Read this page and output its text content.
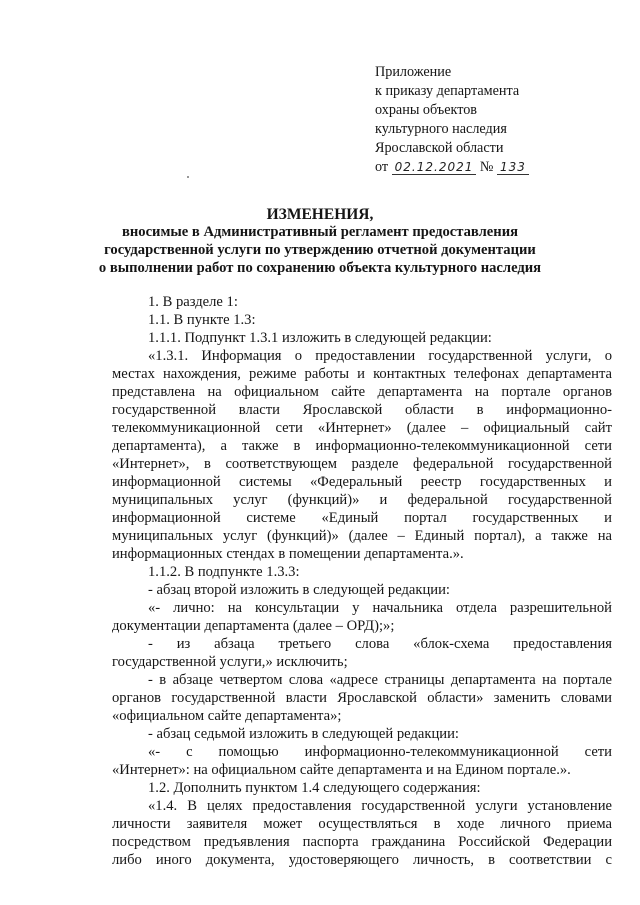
Приложение
к приказу департамента
охраны объектов
культурного наследия
Ярославской области
от 02.12.2021 № 133
ИЗМЕНЕНИЯ,
вносимые в Административный регламент предоставления
государственной услуги по утверждению отчетной документации
о выполнении работ по сохранению объекта культурного наследия
1. В разделе 1:
1.1. В пункте 1.3:
1.1.1. Подпункт 1.3.1 изложить в следующей редакции:
«1.3.1. Информация о предоставлении государственной услуги, о
местах нахождения, режиме работы и контактных телефонах департамента
представлена на официальном сайте департамента на портале органов
государственной власти Ярославской области в информационно-
телекоммуникационной сети «Интернет» (далее – официальный сайт
департамента), а также в информационно-телекоммуникационной сети
«Интернет», в соответствующем разделе федеральной государственной
информационной системы «Федеральный реестр государственных и
муниципальных услуг (функций)» и федеральной государственной
информационной системе «Единый портал государственных и
муниципальных услуг (функций)» (далее – Единый портал), а также на
информационных стендах в помещении департамента.».
1.1.2. В подпункте 1.3.3:
- абзац второй изложить в следующей редакции:
«- лично: на консультации у начальника отдела разрешительной
документации департамента (далее – ОРД);»;
- из абзаца третьего слова «блок-схема предоставления
государственной услуги,» исключить;
- в абзаце четвертом слова «адресе страницы департамента на портале
органов государственной власти Ярославской области» заменить словами
«официальном сайте департамента»;
- абзац седьмой изложить в следующей редакции:
«- с помощью информационно-телекоммуникационной сети
«Интернет»: на официальном сайте департамента и на Едином портале.».
1.2. Дополнить пунктом 1.4 следующего содержания:
«1.4. В целях предоставления государственной услуги установление
личности заявителя может осуществляться в ходе личного приема
посредством предъявления паспорта гражданина Российской Федерации
либо иного документа, удостоверяющего личность, в соответствии с
